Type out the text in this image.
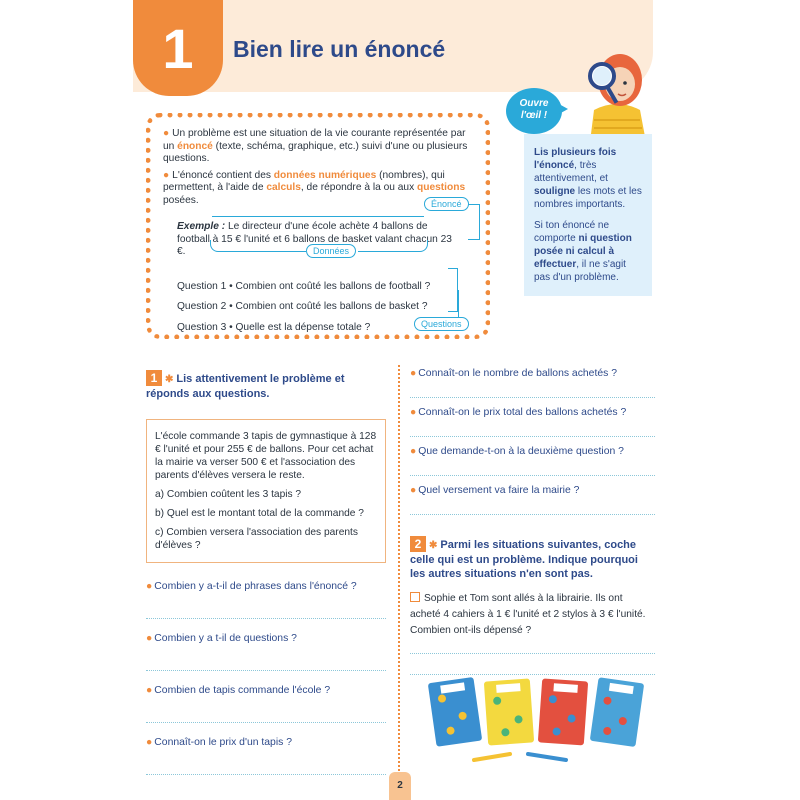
1	Bien lire un énoncé
Ouvre
l'œil !

Lis plusieurs fois l'énoncé, très attentivement, et souligne les mots et les nombres importants.

Si ton énoncé ne comporte ni question posée ni calcul à effectuer, il ne s'agit pas d'un problème.

● Un problème est une situation de la vie courante représentée par un énoncé (texte, schéma, graphique, etc.) suivi d'une ou plusieurs questions.
● L'énoncé contient des données numériques (nombres), qui permettent, à l'aide de calculs, de répondre à la ou aux questions posées.
Exemple : Le directeur d'une école achète 4 ballons de football à 15 € l'unité et 6 ballons de basket valant chacun 23 €.
Question 1 • Combien ont coûté les ballons de football ?
Question 2 • Combien ont coûté les ballons de basket ?
Question 3 • Quelle est la dépense totale ?
Énoncé
Données
Questions
1 ✱ Lis attentivement le problème et réponds aux questions.

L'école commande 3 tapis de gymnastique à 128 € l'unité et pour 255 € de ballons. Pour cet achat la mairie va verser 500 € et l'association des parents d'élèves versera le reste.

a) Combien coûtent les 3 tapis ?

b) Quel est le montant total de la commande ?

c) Combien versera l'association des parents d'élèves ?

● Combien y a-t-il de phrases dans l'énoncé ?
● Combien y a t-il de questions ?
● Combien de tapis commande l'école ?
● Connaît-on le prix d'un tapis ?
● Connaît-on le nombre de ballons achetés ?
● Connaît-on le prix total des ballons achetés ?
● Que demande-t-on à la deuxième question ?
● Quel versement va faire la mairie ?
2 ✱ Parmi les situations suivantes, coche celle qui est un problème. Indique pourquoi les autres situations n'en sont pas.
Sophie et Tom sont allés à la librairie. Ils ont acheté 4 cahiers à 1 € l'unité et 2 stylos à 3 € l'unité. Combien ont-ils dépensé ?
2
